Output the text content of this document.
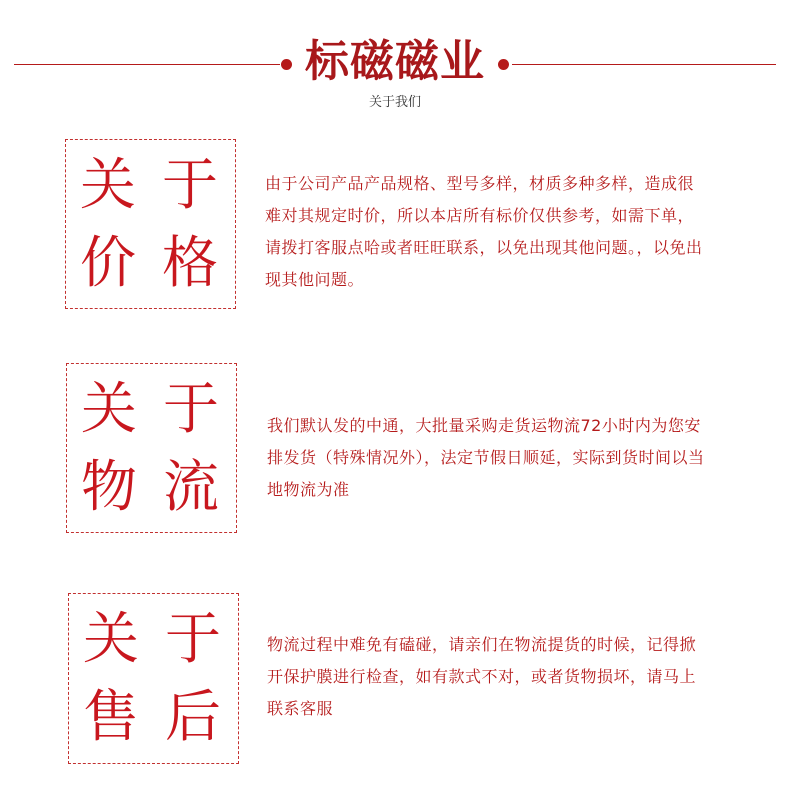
标磁磁业
关于我们
关 于
价 格
由于公司产品产品规格、型号多样，材质多种多样，造成很难对其规定时价，所以本店所有标价仅供参考，如需下单，请拨打客服点哈或者旺旺联系，以免出现其他问题。，以免出现其他问题。
关 于
物 流
我们默认发的中通，大批量采购走货运物流72小时内为您安排发货（特殊情况外），法定节假日顺延，实际到货时间以当地物流为准
关 于
售 后
物流过程中难免有磕碰，请亲们在物流提货的时候，记得掀开保护膜进行检查，如有款式不对，或者货物损坏，请马上联系客服
